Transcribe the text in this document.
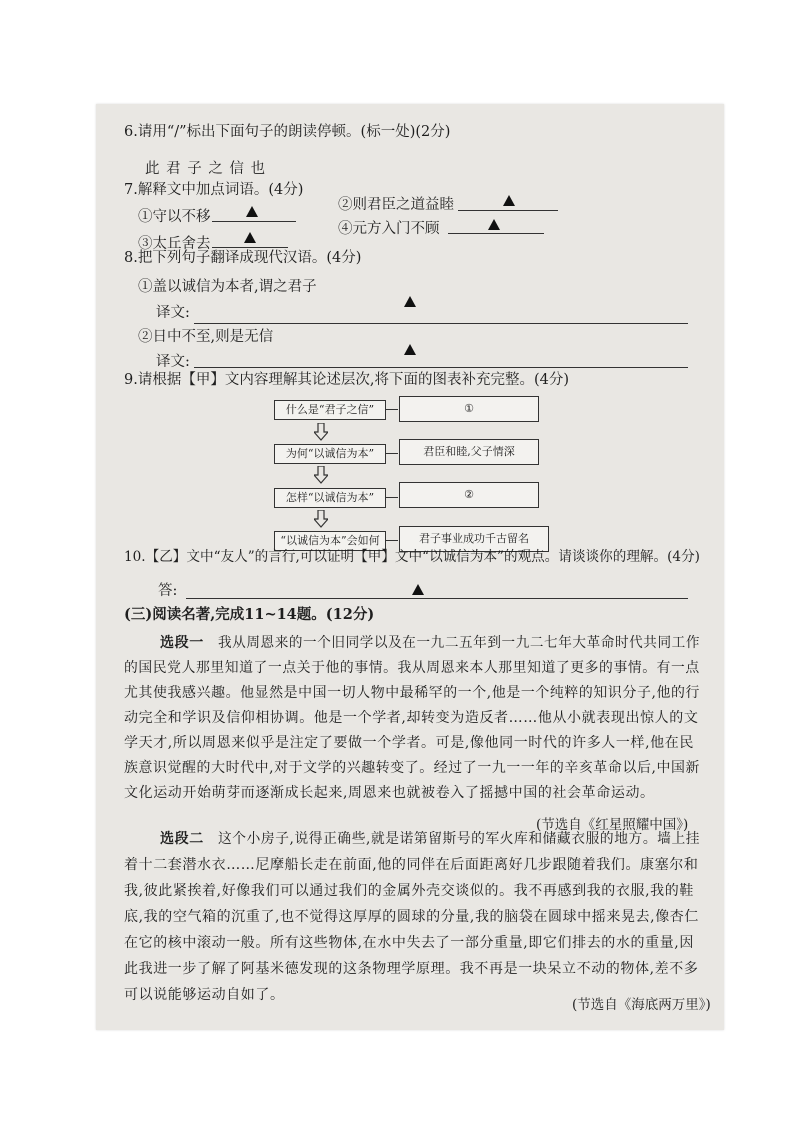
6.请用“/”标出下面句子的朗读停顿。(标一处)(2分)
此 君 子 之 信 也
7.解释文中加点词语。(4分)
①守以不移
②则君臣之道益睦
③太丘舍去
④元方入门不顾
8.把下列句子翻译成现代汉语。(4分)
①盖以诚信为本者,谓之君子
译文:
②日中不至,则是无信
译文:
9.请根据【甲】文内容理解其论述层次,将下面的图表补充完整。(4分)
什么是“君子之信”	①
为何“以诚信为本”	君臣和睦,父子情深
怎样“以诚信为本”	②
“以诚信为本”会如何	君子事业成功千古留名
10.【乙】文中“友人”的言行,可以证明【甲】文中“以诚信为本”的观点。请谈谈你的理解。(4分)
答:
(三)阅读名著,完成11~14题。(12分)
选段一 我从周恩来的一个旧同学以及在一九二五年到一九二七年大革命时代共同工作
的国民党人那里知道了一点关于他的事情。我从周恩来本人那里知道了更多的事情。有一点
尤其使我感兴趣。他显然是中国一切人物中最稀罕的一个,他是一个纯粹的知识分子,他的行
动完全和学识及信仰相协调。他是一个学者,却转变为造反者……他从小就表现出惊人的文
学天才,所以周恩来似乎是注定了要做一个学者。可是,像他同一时代的许多人一样,他在民
族意识觉醒的大时代中,对于文学的兴趣转变了。经过了一九一一年的辛亥革命以后,中国新
文化运动开始萌芽而逐渐成长起来,周恩来也就被卷入了摇撼中国的社会革命运动。
(节选自《红星照耀中国》)
选段二 这个小房子,说得正确些,就是诺第留斯号的军火库和储藏衣服的地方。墙上挂
着十二套潜水衣……尼摩船长走在前面,他的同伴在后面距离好几步跟随着我们。康塞尔和
我,彼此紧挨着,好像我们可以通过我们的金属外壳交谈似的。我不再感到我的衣服,我的鞋
底,我的空气箱的沉重了,也不觉得这厚厚的圆球的分量,我的脑袋在圆球中摇来晃去,像杏仁
在它的核中滚动一般。所有这些物体,在水中失去了一部分重量,即它们排去的水的重量,因
此我进一步了解了阿基米德发现的这条物理学原理。我不再是一块呆立不动的物体,差不多
可以说能够运动自如了。
(节选自《海底两万里》)
